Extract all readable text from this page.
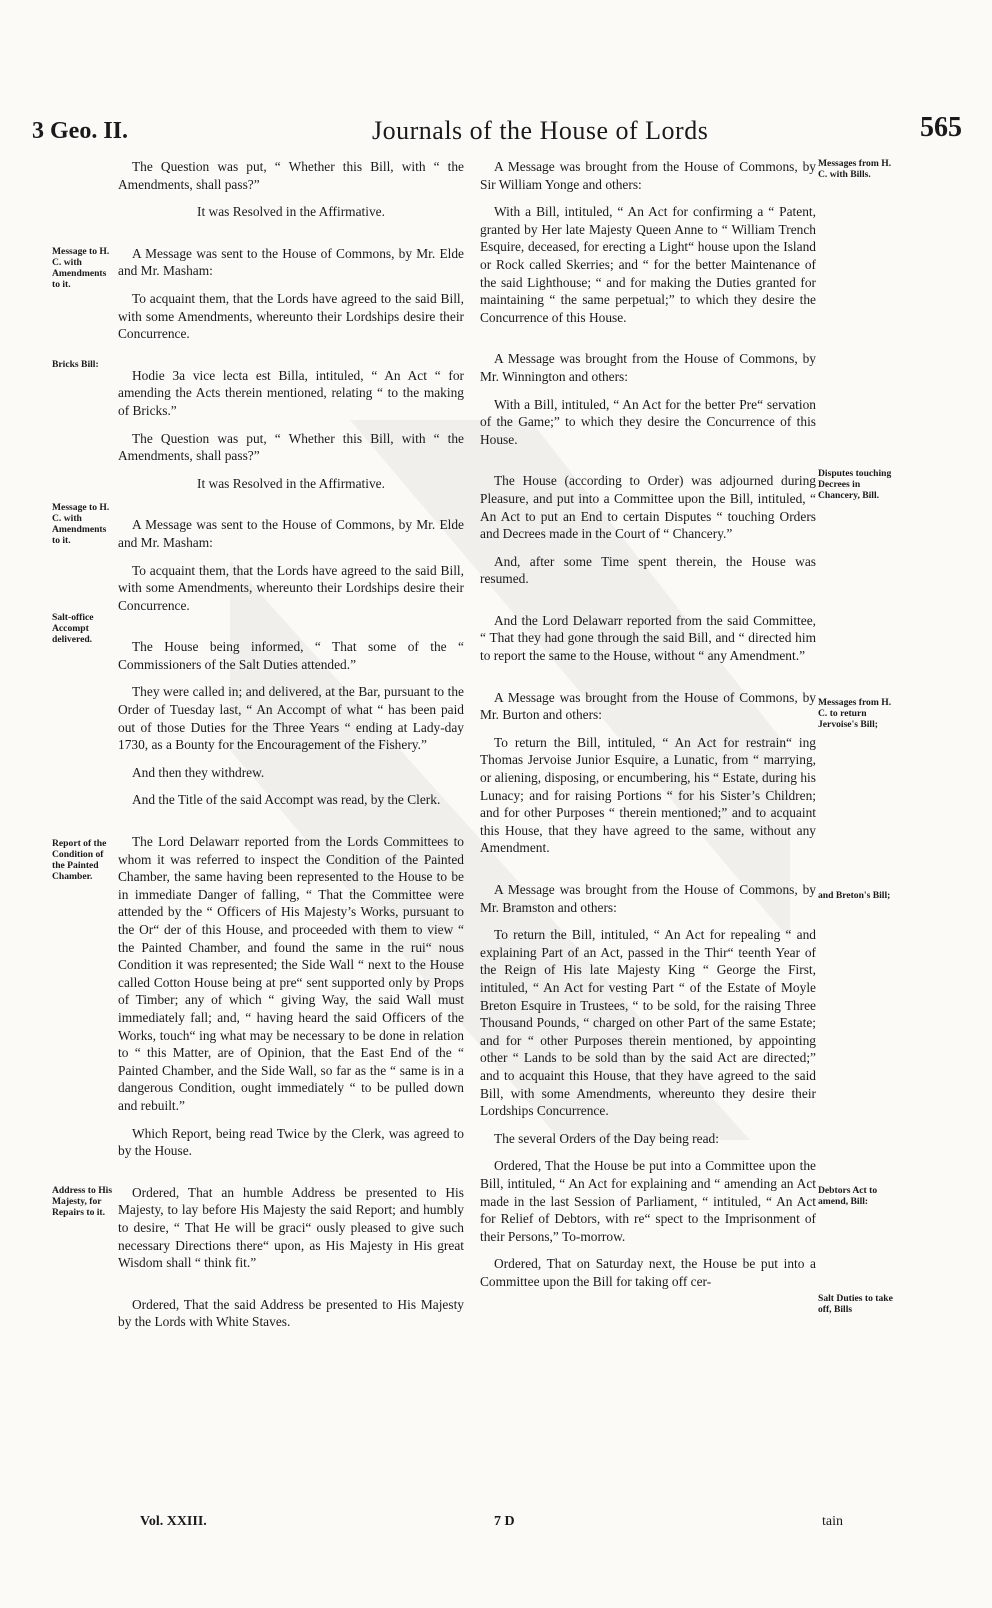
3 Geo. II.	Journals of the House of Lords	565
Message to H. C. with Amendments to it.
Bricks Bill:
Message to H. C. with Amendments to it.
Salt-office Accompt delivered.
Report of the Condition of the Painted Chamber.
Address to His Majesty, for Repairs to it.
Messages from H. C. with Bills.
Disputes touching Decrees in Chancery, Bill.
Messages from H. C. to return Jervoise's Bill;
and Breton's Bill;
Debtors Act to amend, Bill:
Salt Duties to take off, Bills

The Question was put, “ Whether this Bill, with “ the Amendments, shall pass?”

It was Resolved in the Affirmative.

A Message was sent to the House of Commons, by Mr. Elde and Mr. Masham:

To acquaint them, that the Lords have agreed to the said Bill, with some Amendments, whereunto their Lordships desire their Concurrence.

Hodie 3a vice lecta est Billa, intituled, “ An Act “ for amending the Acts therein mentioned, relating “ to the making of Bricks.”

The Question was put, “ Whether this Bill, with “ the Amendments, shall pass?”

It was Resolved in the Affirmative.

A Message was sent to the House of Commons, by Mr. Elde and Mr. Masham:

To acquaint them, that the Lords have agreed to the said Bill, with some Amendments, whereunto their Lordships desire their Concurrence.

The House being informed, “ That some of the “ Commissioners of the Salt Duties attended.”

They were called in; and delivered, at the Bar, pursuant to the Order of Tuesday last, “ An Accompt of what “ has been paid out of those Duties for the Three Years “ ending at Lady-day 1730, as a Bounty for the Encouragement of the Fishery.”

And then they withdrew.

And the Title of the said Accompt was read, by the Clerk.

The Lord Delawarr reported from the Lords Committees to whom it was referred to inspect the Condition of the Painted Chamber, the same having been represented to the House to be in immediate Danger of falling, “ That the Committee were attended by the “ Officers of His Majesty’s Works, pursuant to the Or“ der of this House, and proceeded with them to view “ the Painted Chamber, and found the same in the rui“ nous Condition it was represented; the Side Wall “ next to the House called Cotton House being at pre“ sent supported only by Props of Timber; any of which “ giving Way, the said Wall must immediately fall; and, “ having heard the said Officers of the Works, touch“ ing what may be necessary to be done in relation to “ this Matter, are of Opinion, that the East End of the “ Painted Chamber, and the Side Wall, so far as the “ same is in a dangerous Condition, ought immediately “ to be pulled down and rebuilt.”

Which Report, being read Twice by the Clerk, was agreed to by the House.

Ordered, That an humble Address be presented to His Majesty, to lay before His Majesty the said Report; and humbly to desire, “ That He will be graci“ ously pleased to give such necessary Directions there“ upon, as His Majesty in His great Wisdom shall “ think fit.”

Ordered, That the said Address be presented to His Majesty by the Lords with White Staves.

A Message was brought from the House of Commons, by Sir William Yonge and others:

With a Bill, intituled, “ An Act for confirming a “ Patent, granted by Her late Majesty Queen Anne to “ William Trench Esquire, deceased, for erecting a Light“ house upon the Island or Rock called Skerries; and “ for the better Maintenance of the said Lighthouse; “ and for making the Duties granted for maintaining “ the same perpetual;” to which they desire the Concurrence of this House.

A Message was brought from the House of Commons, by Mr. Winnington and others:

With a Bill, intituled, “ An Act for the better Pre“ servation of the Game;” to which they desire the Concurrence of this House.

The House (according to Order) was adjourned during Pleasure, and put into a Committee upon the Bill, intituled, “ An Act to put an End to certain Disputes “ touching Orders and Decrees made in the Court of “ Chancery.”

And, after some Time spent therein, the House was resumed.

And the Lord Delawarr reported from the said Committee, “ That they had gone through the said Bill, and “ directed him to report the same to the House, without “ any Amendment.”

A Message was brought from the House of Commons, by Mr. Burton and others:

To return the Bill, intituled, “ An Act for restrain“ ing Thomas Jervoise Junior Esquire, a Lunatic, from “ marrying, or aliening, disposing, or encumbering, his “ Estate, during his Lunacy; and for raising Portions “ for his Sister’s Children; and for other Purposes “ therein mentioned;” and to acquaint this House, that they have agreed to the same, without any Amendment.

A Message was brought from the House of Commons, by Mr. Bramston and others:

To return the Bill, intituled, “ An Act for repealing “ and explaining Part of an Act, passed in the Thir“ teenth Year of the Reign of His late Majesty King “ George the First, intituled, “ An Act for vesting Part “ of the Estate of Moyle Breton Esquire in Trustees, “ to be sold, for the raising Three Thousand Pounds, “ charged on other Part of the same Estate; and for “ other Purposes therein mentioned, by appointing other “ Lands to be sold than by the said Act are directed;” and to acquaint this House, that they have agreed to the said Bill, with some Amendments, whereunto they desire their Lordships Concurrence.

The several Orders of the Day being read:

Ordered, That the House be put into a Committee upon the Bill, intituled, “ An Act for explaining and “ amending an Act made in the last Session of Parliament, “ intituled, “ An Act for Relief of Debtors, with re“ spect to the Imprisonment of their Persons,” To-morrow.

Ordered, That on Saturday next, the House be put into a Committee upon the Bill for taking off cer-

Vol. XXIII.	7 D	tain
